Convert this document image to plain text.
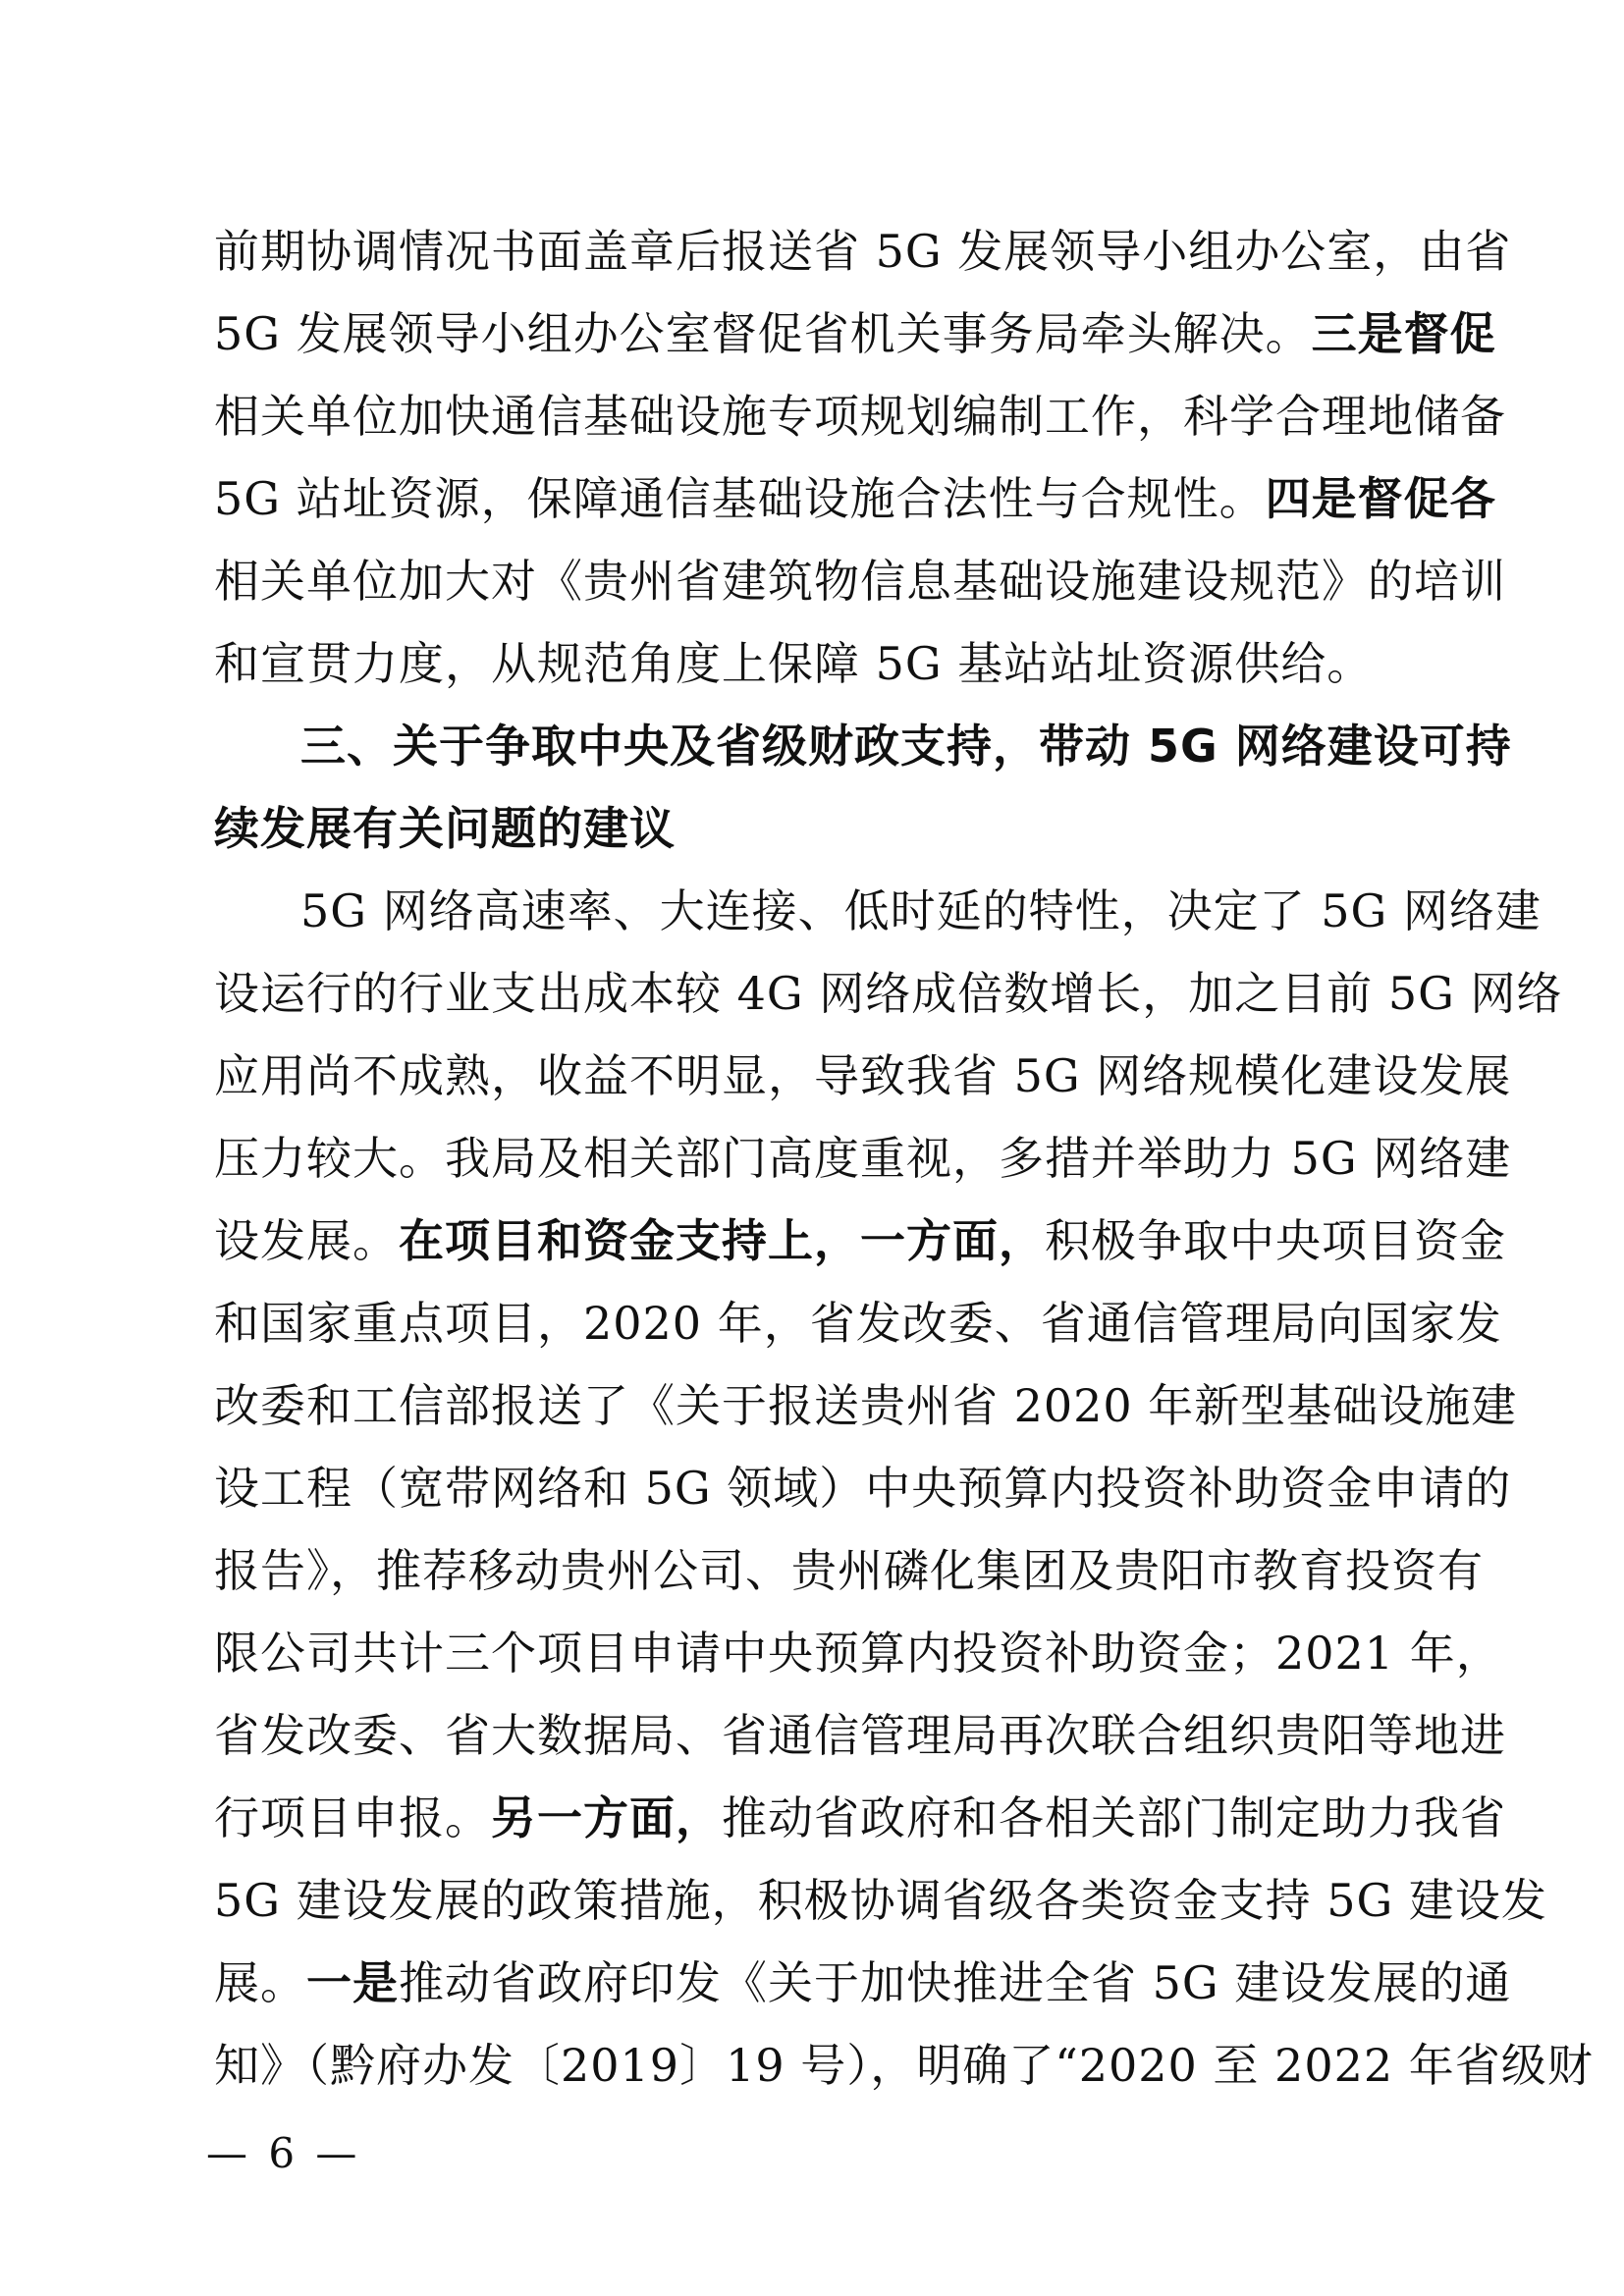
前期协调情况书面盖章后报送省 5G 发展领导小组办公室，由省
5G 发展领导小组办公室督促省机关事务局牵头解决。三是督促
相关单位加快通信基础设施专项规划编制工作，科学合理地储备
5G 站址资源，保障通信基础设施合法性与合规性。四是督促各
相关单位加大对《贵州省建筑物信息基础设施建设规范》的培训
和宣贯力度，从规范角度上保障 5G 基站站址资源供给。
三、关于争取中央及省级财政支持，带动 5G 网络建设可持
续发展有关问题的建议
5G 网络高速率、大连接、低时延的特性，决定了 5G 网络建
设运行的行业支出成本较 4G 网络成倍数增长，加之目前 5G 网络
应用尚不成熟，收益不明显，导致我省 5G 网络规模化建设发展
压力较大。我局及相关部门高度重视，多措并举助力 5G 网络建
设发展。在项目和资金支持上，一方面，积极争取中央项目资金
和国家重点项目，2020 年，省发改委、省通信管理局向国家发
改委和工信部报送了《关于报送贵州省 2020 年新型基础设施建
设工程（宽带网络和 5G 领域）中央预算内投资补助资金申请的
报告》，推荐移动贵州公司、贵州磷化集团及贵阳市教育投资有
限公司共计三个项目申请中央预算内投资补助资金；2021 年，
省发改委、省大数据局、省通信管理局再次联合组织贵阳等地进
行项目申报。另一方面，推动省政府和各相关部门制定助力我省
5G 建设发展的政策措施，积极协调省级各类资金支持 5G 建设发
展。一是推动省政府印发《关于加快推进全省 5G 建设发展的通
知》（黔府办发〔2019〕19 号），明确了“2020 至 2022 年省级财
— 6 —
